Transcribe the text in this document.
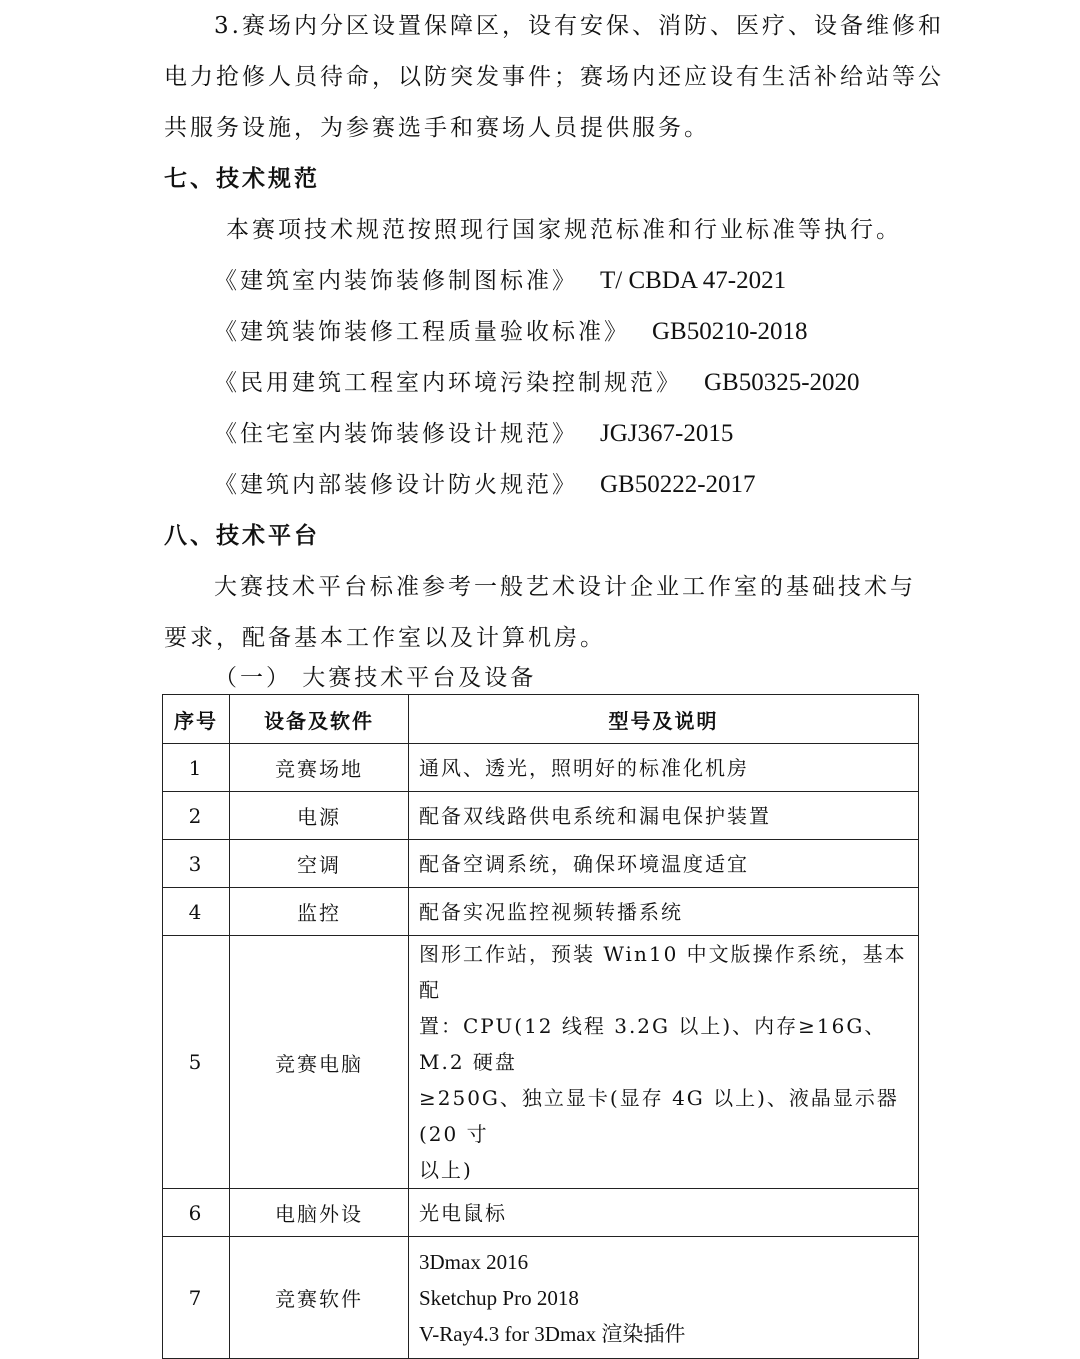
3.赛场内分区设置保障区，设有安保、消防、医疗、设备维修和
电力抢修人员待命，以防突发事件；赛场内还应设有生活补给站等公
共服务设施，为参赛选手和赛场人员提供服务。
七、技术规范
本赛项技术规范按照现行国家规范标准和行业标准等执行。
《建筑室内装饰装修制图标准》 T/ CBDA 47-2021
《建筑装饰装修工程质量验收标准》 GB50210-2018
《民用建筑工程室内环境污染控制规范》 GB50325-2020
《住宅室内装饰装修设计规范》 JGJ367-2015
《建筑内部装修设计防火规范》 GB50222-2017
八、技术平台
大赛技术平台标准参考一般艺术设计企业工作室的基础技术与
要求，配备基本工作室以及计算机房。
（一） 大赛技术平台及设备
序号	设备及软件	型号及说明
1	竞赛场地	通风、透光，照明好的标准化机房

2	电源	配备双线路供电系统和漏电保护装置

3	空调	配备空调系统，确保环境温度适宜

4	监控	配备实况监控视频转播系统

5	竞赛电脑	图形工作站，预装 Win10 中文版操作系统，基本配
置：CPU(12 线程 3.2G 以上)、内存≥16G、M.2 硬盘
≥250G、独立显卡(显存 4G 以上)、液晶显示器(20 寸
以上)

6	电脑外设	光电鼠标

7	竞赛软件	3Dmax 2016
Sketchup Pro 2018
V-Ray4.3 for 3Dmax 渲染插件
